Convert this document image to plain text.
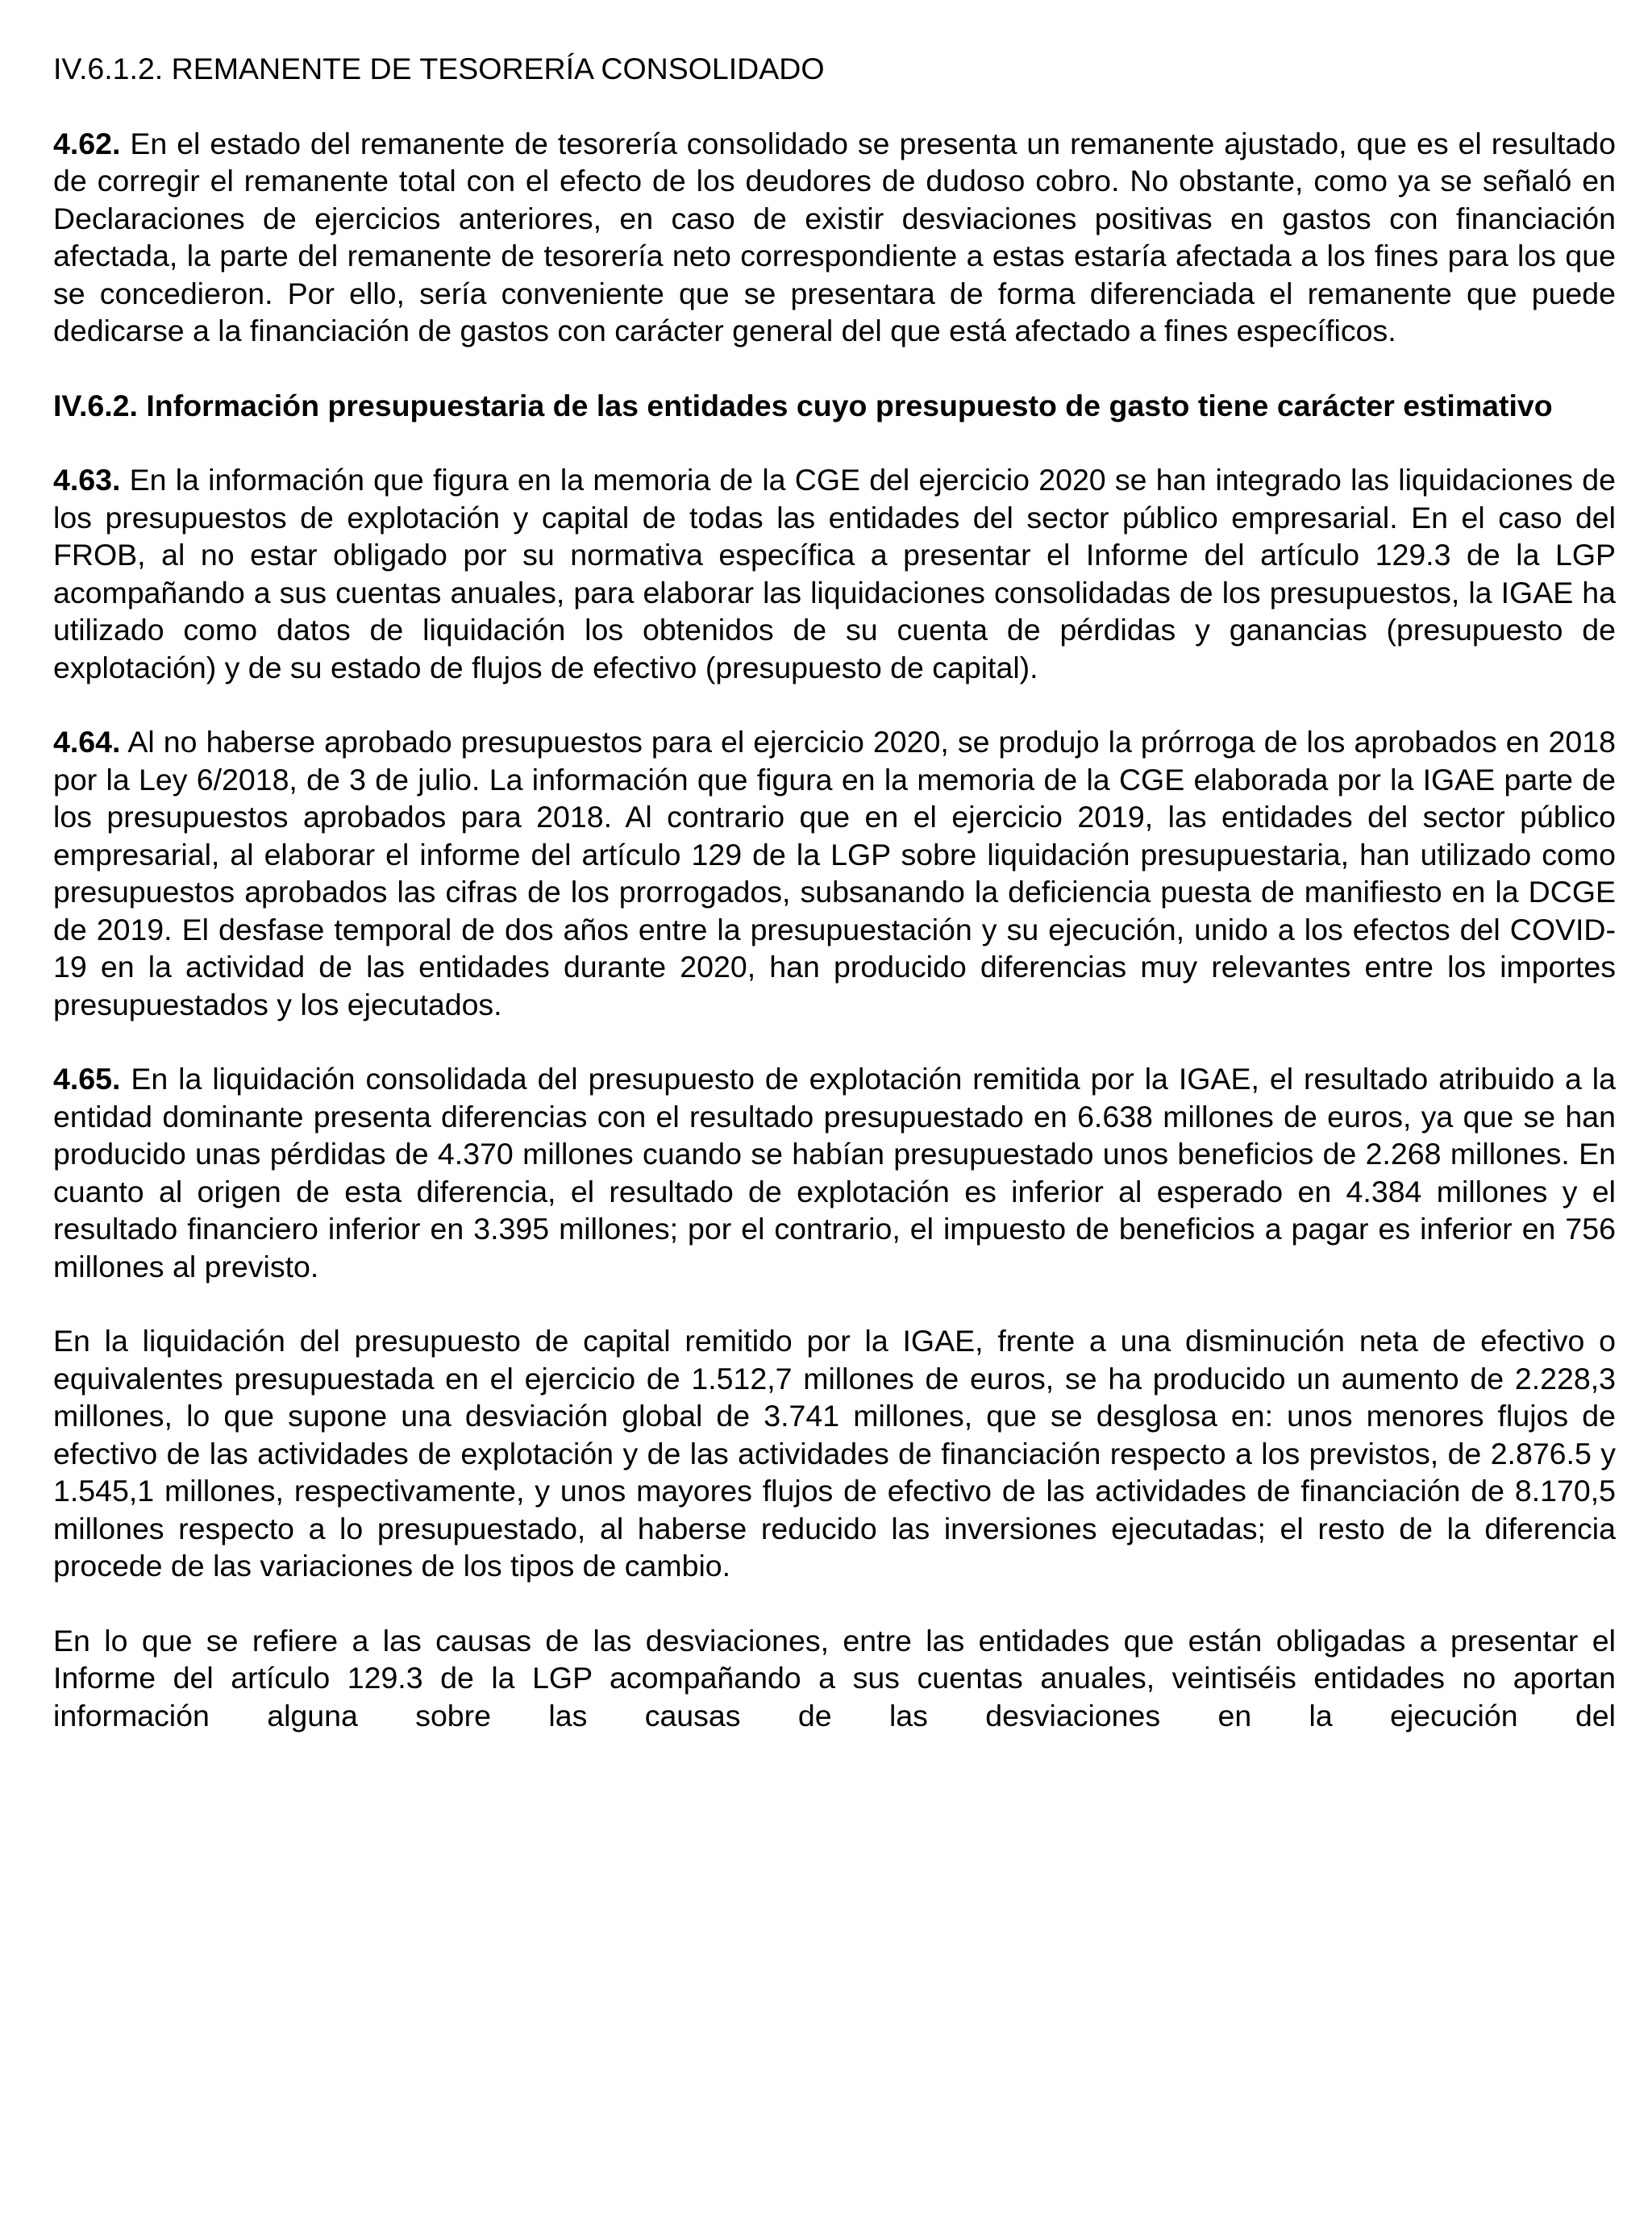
IV.6.1.2. REMANENTE DE TESORERÍA CONSOLIDADO

4.62. En el estado del remanente de tesorería consolidado se presenta un remanente ajustado, que es el resultado de corregir el remanente total con el efecto de los deudores de dudoso cobro. No obstante, como ya se señaló en Declaraciones de ejercicios anteriores, en caso de existir desviaciones positivas en gastos con financiación afectada, la parte del remanente de tesorería neto correspondiente a estas estaría afectada a los fines para los que se concedieron. Por ello, sería conveniente que se presentara de forma diferenciada el remanente que puede dedicarse a la financiación de gastos con carácter general del que está afectado a fines específicos.

IV.6.2. Información presupuestaria de las entidades cuyo presupuesto de gasto tiene carácter estimativo

4.63. En la información que figura en la memoria de la CGE del ejercicio 2020 se han integrado las liquidaciones de los presupuestos de explotación y capital de todas las entidades del sector público empresarial. En el caso del FROB, al no estar obligado por su normativa específica a presentar el Informe del artículo 129.3 de la LGP acompañando a sus cuentas anuales, para elaborar las liquidaciones consolidadas de los presupuestos, la IGAE ha utilizado como datos de liquidación los obtenidos de su cuenta de pérdidas y ganancias (presupuesto de explotación) y de su estado de flujos de efectivo (presupuesto de capital).

4.64. Al no haberse aprobado presupuestos para el ejercicio 2020, se produjo la prórroga de los aprobados en 2018 por la Ley 6/2018, de 3 de julio. La información que figura en la memoria de la CGE elaborada por la IGAE parte de los presupuestos aprobados para 2018. Al contrario que en el ejercicio 2019, las entidades del sector público empresarial, al elaborar el informe del artículo 129 de la LGP sobre liquidación presupuestaria, han utilizado como presupuestos aprobados las cifras de los prorrogados, subsanando la deficiencia puesta de manifiesto en la DCGE de 2019. El desfase temporal de dos años entre la presupuestación y su ejecución, unido a los efectos del COVID-19 en la actividad de las entidades durante 2020, han producido diferencias muy relevantes entre los importes presupuestados y los ejecutados.

4.65. En la liquidación consolidada del presupuesto de explotación remitida por la IGAE, el resultado atribuido a la entidad dominante presenta diferencias con el resultado presupuestado en 6.638 millones de euros, ya que se han producido unas pérdidas de 4.370 millones cuando se habían presupuestado unos beneficios de 2.268 millones. En cuanto al origen de esta diferencia, el resultado de explotación es inferior al esperado en 4.384 millones y el resultado financiero inferior en 3.395 millones; por el contrario, el impuesto de beneficios a pagar es inferior en 756 millones al previsto.

En la liquidación del presupuesto de capital remitido por la IGAE, frente a una disminución neta de efectivo o equivalentes presupuestada en el ejercicio de 1.512,7 millones de euros, se ha producido un aumento de 2.228,3 millones, lo que supone una desviación global de 3.741 millones, que se desglosa en: unos menores flujos de efectivo de las actividades de explotación y de las actividades de financiación respecto a los previstos, de 2.876.5 y 1.545,1 millones, respectivamente, y unos mayores flujos de efectivo de las actividades de financiación de 8.170,5 millones respecto a lo presupuestado, al haberse reducido las inversiones ejecutadas; el resto de la diferencia procede de las variaciones de los tipos de cambio.

En lo que se refiere a las causas de las desviaciones, entre las entidades que están obligadas a presentar el Informe del artículo 129.3 de la LGP acompañando a sus cuentas anuales, veintiséis entidades no aportan información alguna sobre las causas de las desviaciones en la ejecución del
